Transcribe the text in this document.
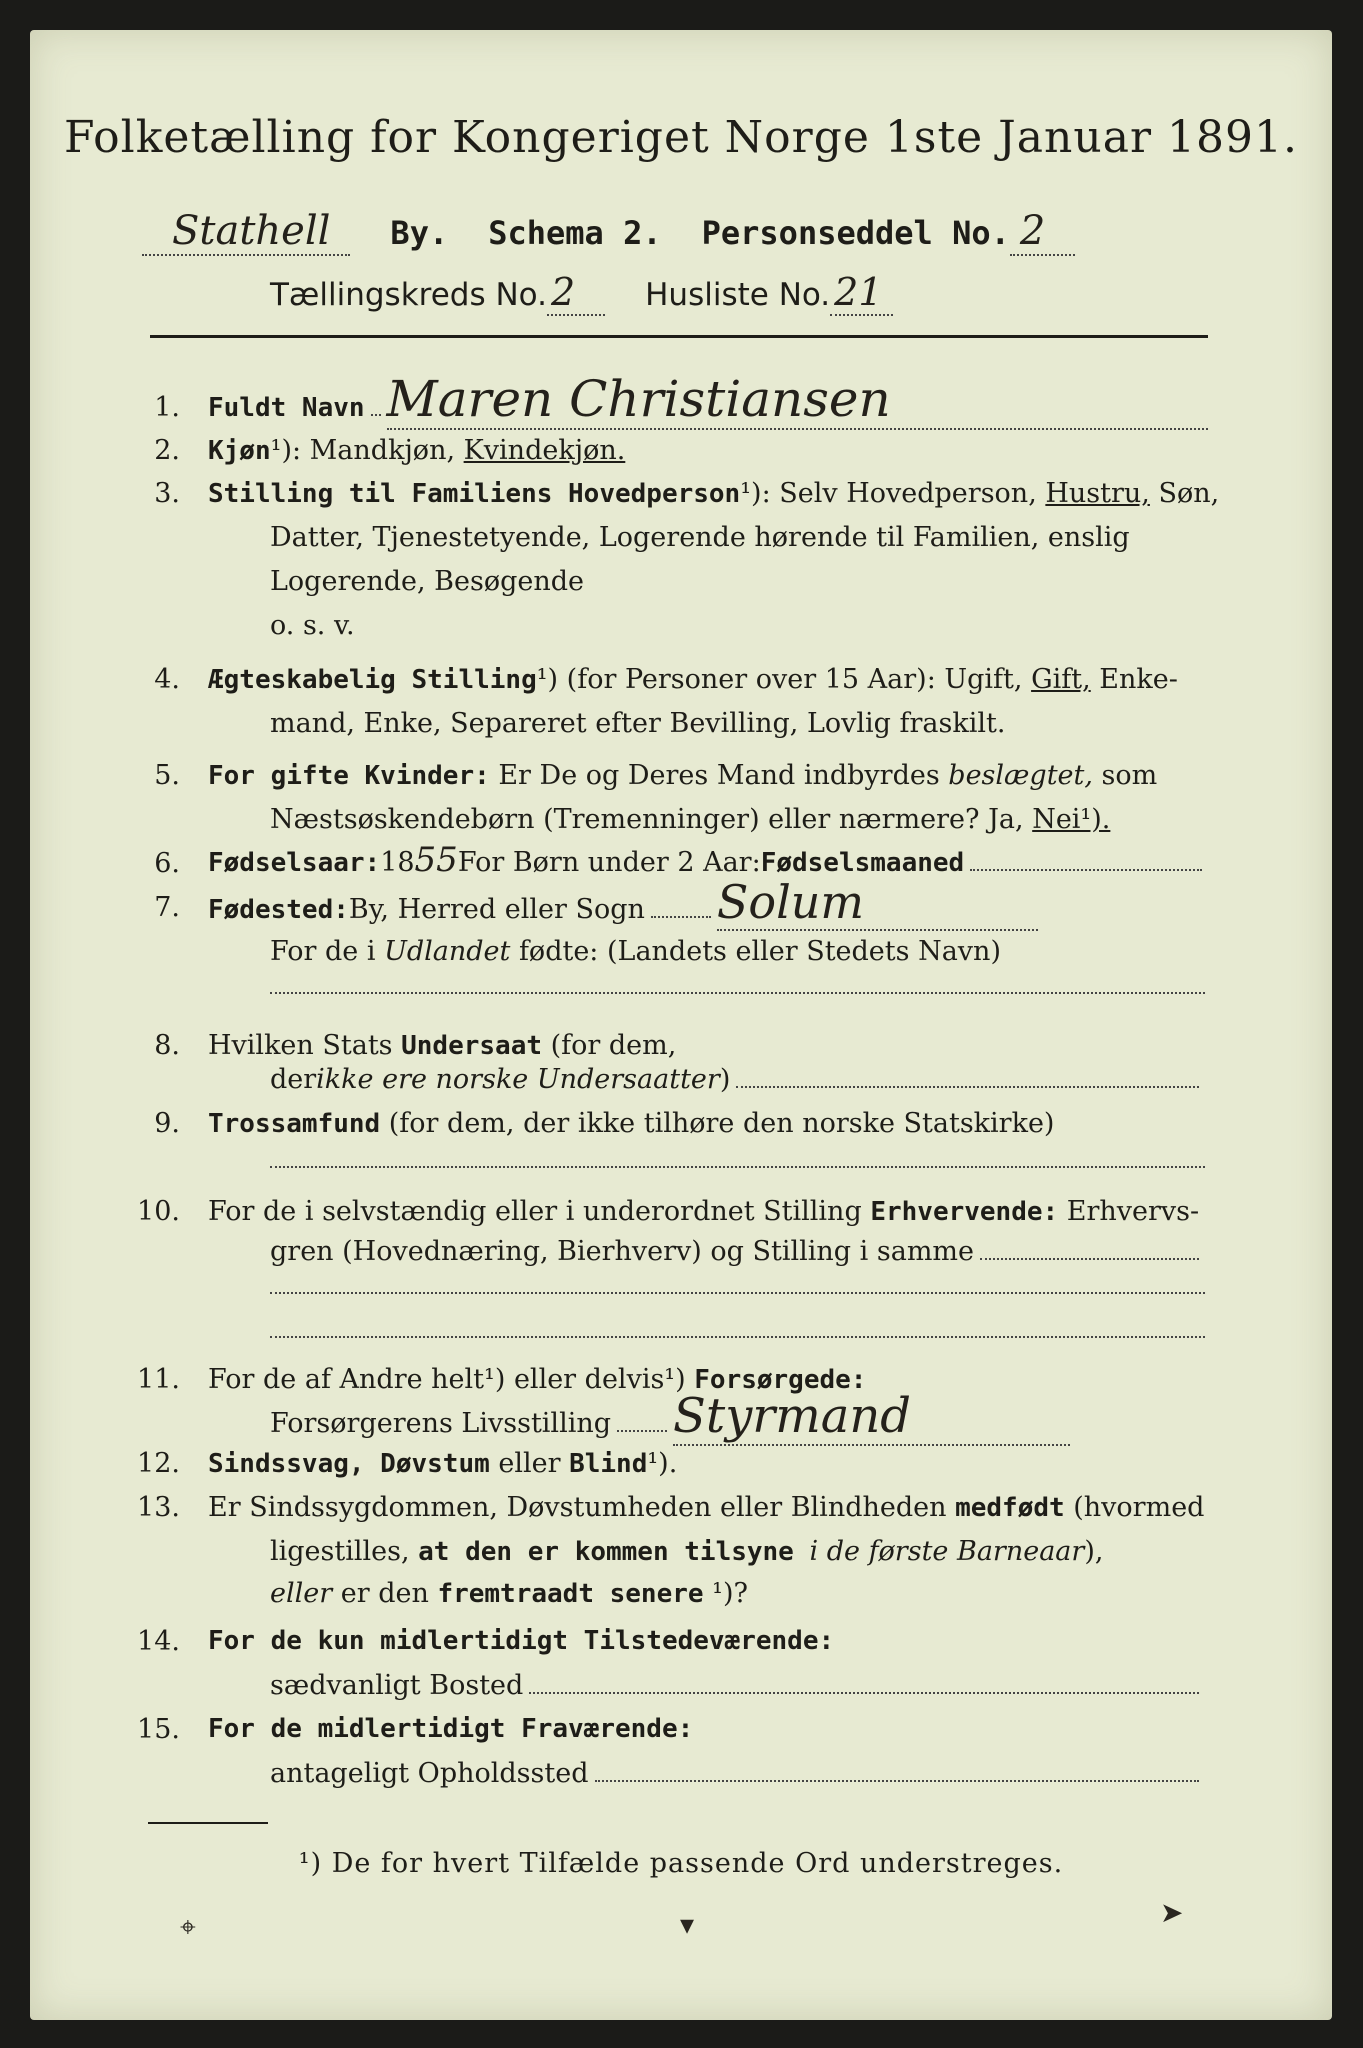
Folketælling for Kongeriget Norge 1ste Januar 1891.
Stathell	By. Schema 2. Personseddel No. 2
Tællingskreds No. 2	Husliste No. 21
1. Fuldt Navn Maren Christiansen
2. Kjøn¹): Mandkjøn, Kvindekjøn.
3. Stilling til Familiens Hovedperson¹): Selv Hovedperson, Hustru, Søn,
Datter, Tjenestetyende, Logerende hørende til Familien, enslig
Logerende, Besøgende
o. s. v.
4. Ægteskabelig Stilling¹) (for Personer over 15 Aar): Ugift, Gift, Enke-
mand, Enke, Separeret efter Bevilling, Lovlig fraskilt.
5. For gifte Kvinder: Er De og Deres Mand indbyrdes beslægtet, som
Næstsøskendebørn (Tremenninger) eller nærmere? Ja, Nei¹).
6. Fødselsaar: 18 55 For Børn under 2 Aar: Fødselsmaaned
7. Fødested: By, Herred eller Sogn Solum
For de i Udlandet fødte: (Landets eller Stedets Navn)
8. Hvilken Stats Undersaat (for dem,
der ikke ere norske Undersaatter )
9. Trossamfund (for dem, der ikke tilhøre den norske Statskirke)
10. For de i selvstændig eller i underordnet Stilling Erhvervende: Erhvervs-
gren (Hovednæring, Bierhverv) og Stilling i samme
11. For de af Andre helt¹) eller delvis¹) Forsørgede:
Forsørgerens Livsstilling Styrmand
12. Sindssvag, Døvstum eller Blind¹).
13. Er Sindssygdommen, Døvstumheden eller Blindheden medfødt (hvormed
ligestilles, at den er kommen tilsyne i de første Barneaar),
eller er den fremtraadt senere ¹)?
14. For de kun midlertidigt Tilstedeværende:
sædvanligt Bosted
15. For de midlertidigt Fraværende:
antageligt Opholdssted
¹) De for hvert Tilfælde passende Ord understreges.
⌖	▾	➤
